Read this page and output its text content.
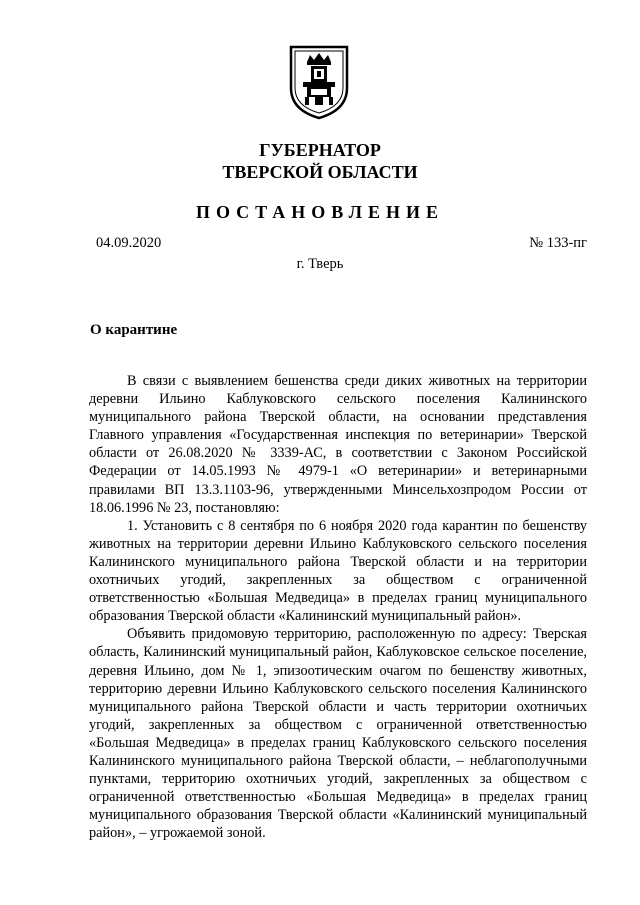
ГУБЕРНАТОР
ТВЕРСКОЙ ОБЛАСТИ
ПОСТАНОВЛЕНИЕ
04.09.2020	№ 133-пг
г. Тверь
О карантине

В связи с выявлением бешенства среди диких животных на территории деревни Ильино Каблуковского сельского поселения Калининского муниципального района Тверской области, на основании представления Главного управления «Государственная инспекция по ветеринарии» Тверской области от 26.08.2020 № 3339-АС, в соответствии с Законом Российской Федерации от 14.05.1993 № 4979-1 «О ветеринарии» и ветеринарными правилами ВП 13.3.1103-96, утвержденными Минсельхозпродом России от 18.06.1996 № 23, постановляю:

1. Установить с 8 сентября по 6 ноября 2020 года карантин по бешенству животных на территории деревни Ильино Каблуковского сельского поселения Калининского муниципального района Тверской области и на территории охотничьих угодий, закрепленных за обществом с ограниченной ответственностью «Большая Медведица» в пределах границ муниципального образования Тверской области «Калининский муниципальный район».

Объявить придомовую территорию, расположенную по адресу: Тверская область, Калининский муниципальный район, Каблуковское сельское поселение, деревня Ильино, дом № 1, эпизоотическим очагом по бешенству животных, территорию деревни Ильино Каблуковского сельского поселения Калининского муниципального района Тверской области и часть территории охотничьих угодий, закрепленных за обществом с ограниченной ответственностью «Большая Медведица» в пределах границ Каблуковского сельского поселения Калининского муниципального района Тверской области, – неблагополучными пунктами, территорию охотничьих угодий, закрепленных за обществом с ограниченной ответственностью «Большая Медведица» в пределах границ муниципального образования Тверской области «Калининский муниципальный район», – угрожаемой зоной.
